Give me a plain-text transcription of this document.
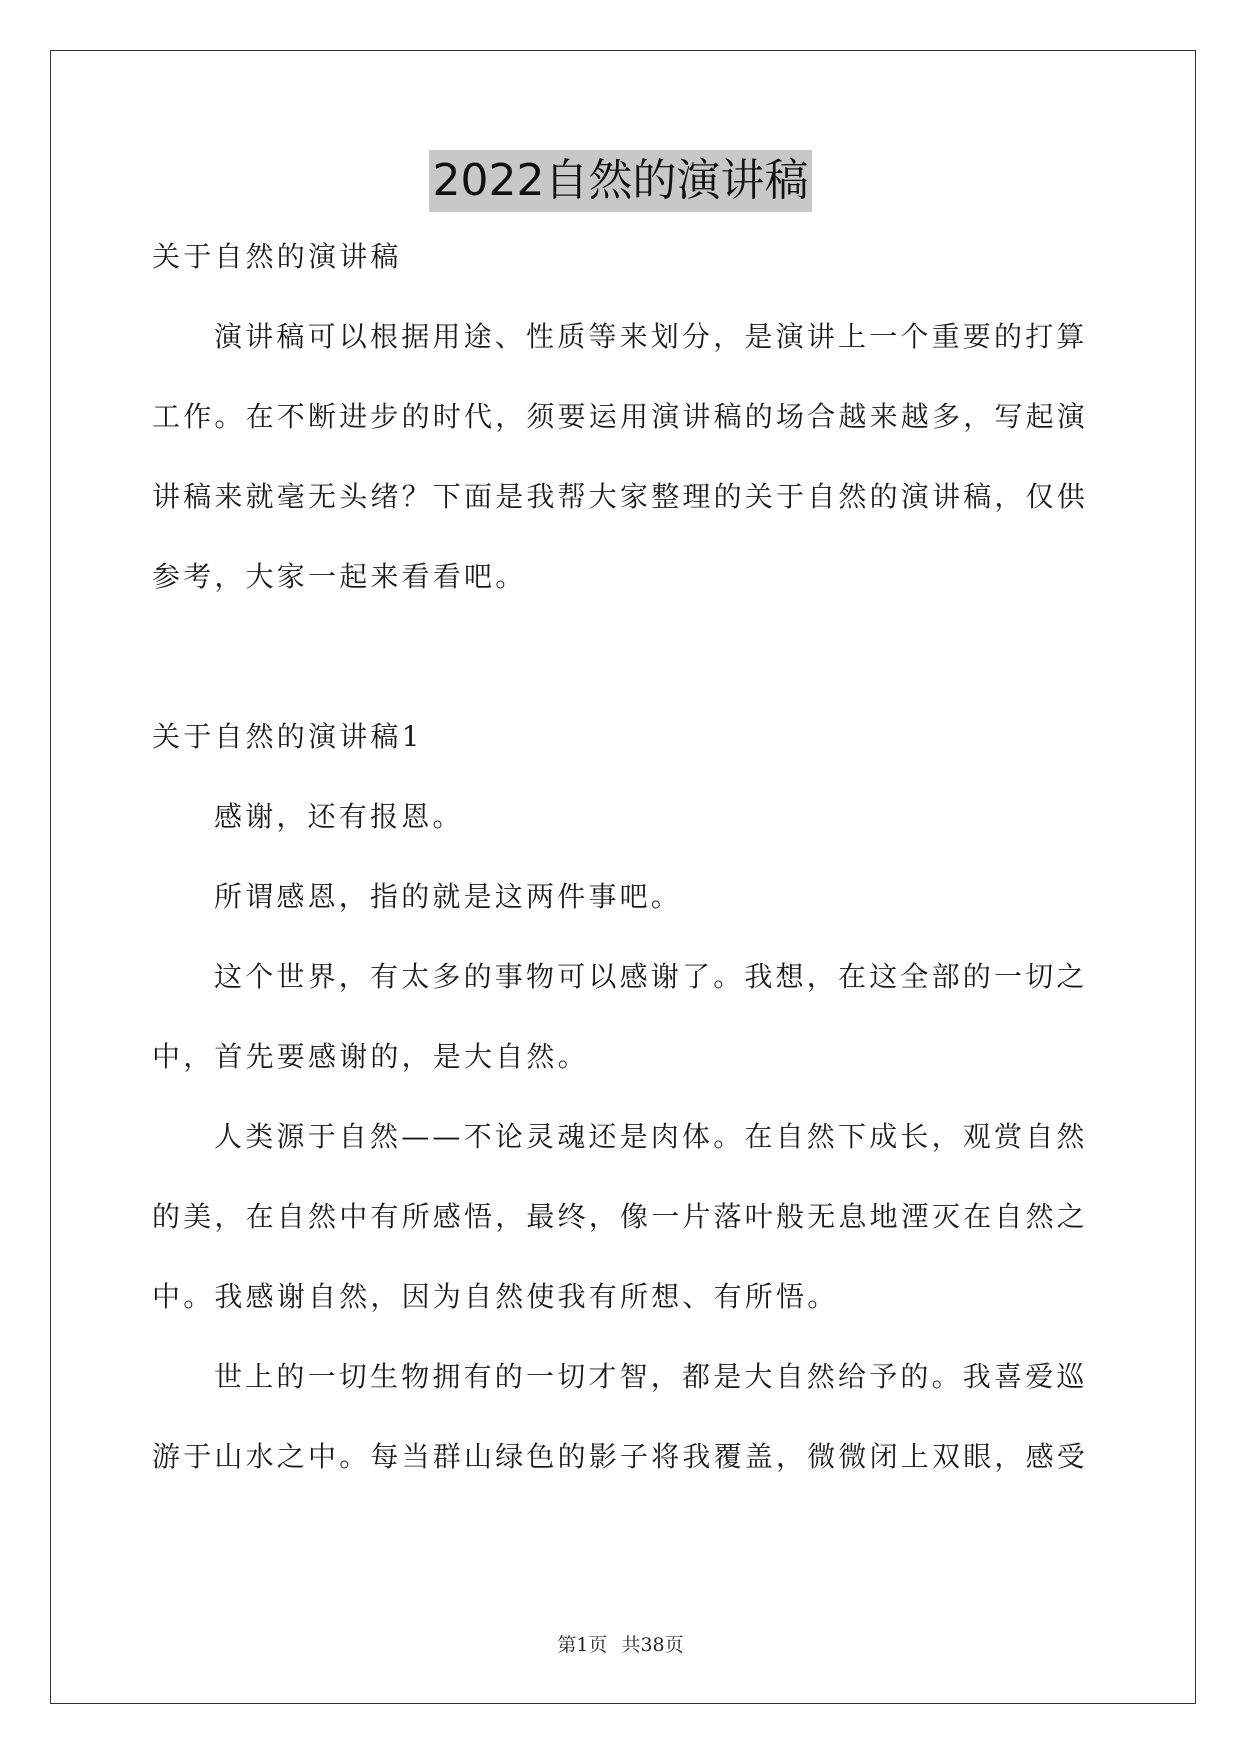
2022自然的演讲稿
关于自然的演讲稿
演讲稿可以根据用途、性质等来划分，是演讲上一个重要的打算
工作。在不断进步的时代，须要运用演讲稿的场合越来越多，写起演
讲稿来就毫无头绪？下面是我帮大家整理的关于自然的演讲稿，仅供
参考，大家一起来看看吧。
关于自然的演讲稿1
感谢，还有报恩。
所谓感恩，指的就是这两件事吧。
这个世界，有太多的事物可以感谢了。我想，在这全部的一切之
中，首先要感谢的，是大自然。
人类源于自然——不论灵魂还是肉体。在自然下成长，观赏自然
的美，在自然中有所感悟，最终，像一片落叶般无息地湮灭在自然之
中。我感谢自然，因为自然使我有所想、有所悟。
世上的一切生物拥有的一切才智，都是大自然给予的。我喜爱巡
游于山水之中。每当群山绿色的影子将我覆盖，微微闭上双眼，感受
第1页 共38页
